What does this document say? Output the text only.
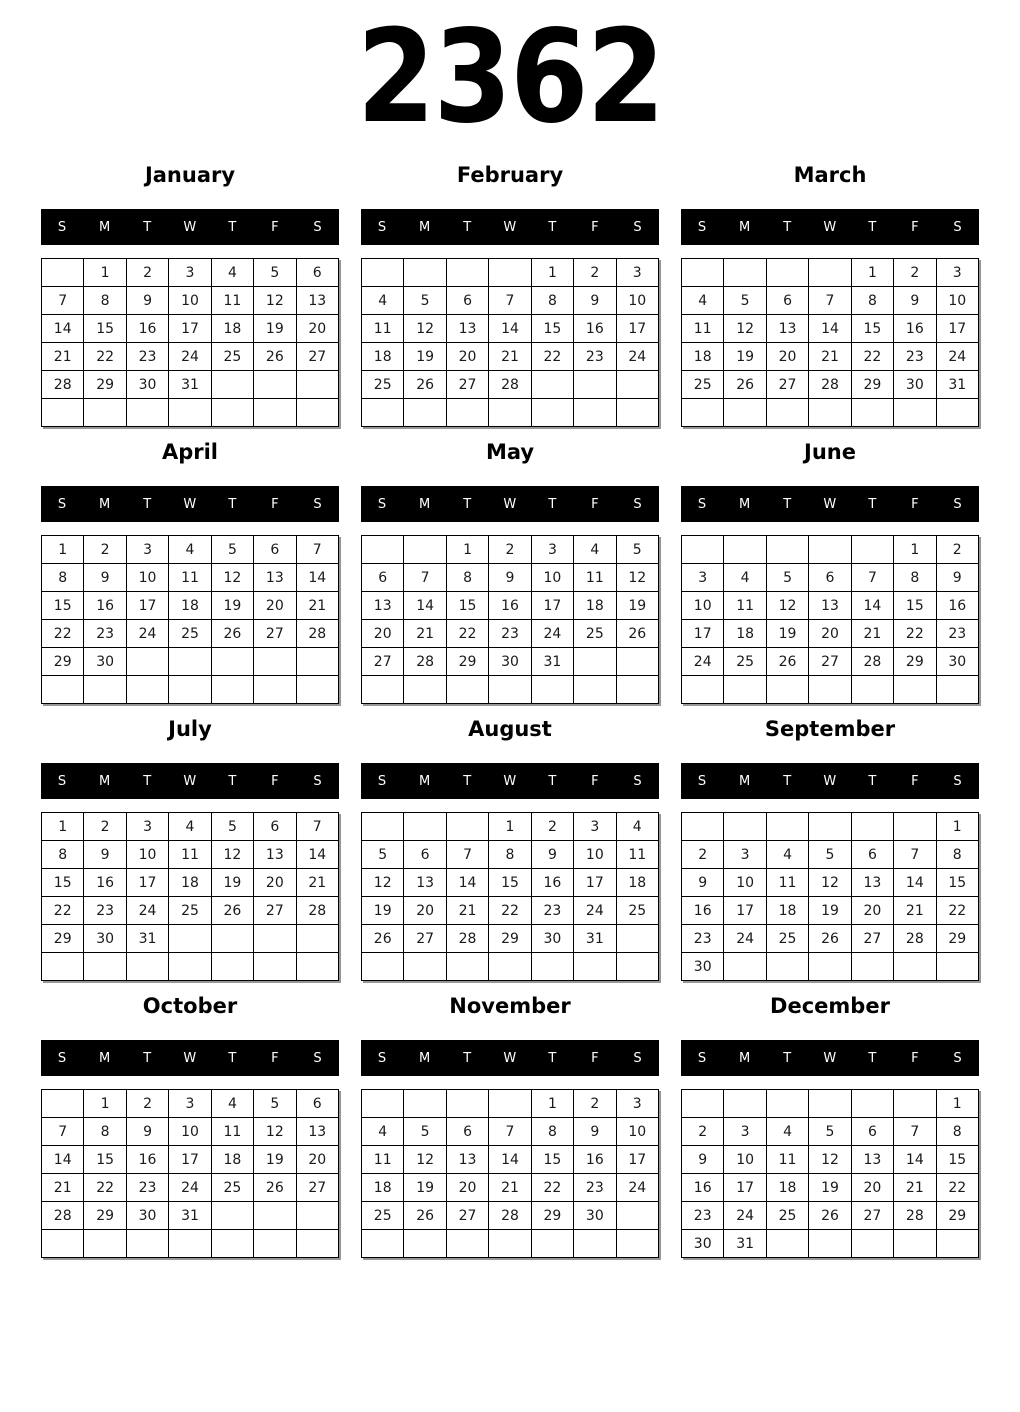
2362
January
S	M	T	W	T	F	S
	1	2	3	4	5	6
7	8	9	10	11	12	13
14	15	16	17	18	19	20
21	22	23	24	25	26	27
28	29	30	31			

February
S	M	T	W	T	F	S
				1	2	3
4	5	6	7	8	9	10
11	12	13	14	15	16	17
18	19	20	21	22	23	24
25	26	27	28			

March
S	M	T	W	T	F	S
				1	2	3
4	5	6	7	8	9	10
11	12	13	14	15	16	17
18	19	20	21	22	23	24
25	26	27	28	29	30	31

April
S	M	T	W	T	F	S
1	2	3	4	5	6	7
8	9	10	11	12	13	14
15	16	17	18	19	20	21
22	23	24	25	26	27	28
29	30					

May
S	M	T	W	T	F	S
		1	2	3	4	5
6	7	8	9	10	11	12
13	14	15	16	17	18	19
20	21	22	23	24	25	26
27	28	29	30	31		

June
S	M	T	W	T	F	S
					1	2
3	4	5	6	7	8	9
10	11	12	13	14	15	16
17	18	19	20	21	22	23
24	25	26	27	28	29	30

July
S	M	T	W	T	F	S
1	2	3	4	5	6	7
8	9	10	11	12	13	14
15	16	17	18	19	20	21
22	23	24	25	26	27	28
29	30	31				

August
S	M	T	W	T	F	S
			1	2	3	4
5	6	7	8	9	10	11
12	13	14	15	16	17	18
19	20	21	22	23	24	25
26	27	28	29	30	31	

September
S	M	T	W	T	F	S
						1
2	3	4	5	6	7	8
9	10	11	12	13	14	15
16	17	18	19	20	21	22
23	24	25	26	27	28	29
30						
October
S	M	T	W	T	F	S
	1	2	3	4	5	6
7	8	9	10	11	12	13
14	15	16	17	18	19	20
21	22	23	24	25	26	27
28	29	30	31			

November
S	M	T	W	T	F	S
				1	2	3
4	5	6	7	8	9	10
11	12	13	14	15	16	17
18	19	20	21	22	23	24
25	26	27	28	29	30	

December
S	M	T	W	T	F	S
						1
2	3	4	5	6	7	8
9	10	11	12	13	14	15
16	17	18	19	20	21	22
23	24	25	26	27	28	29
30	31					
